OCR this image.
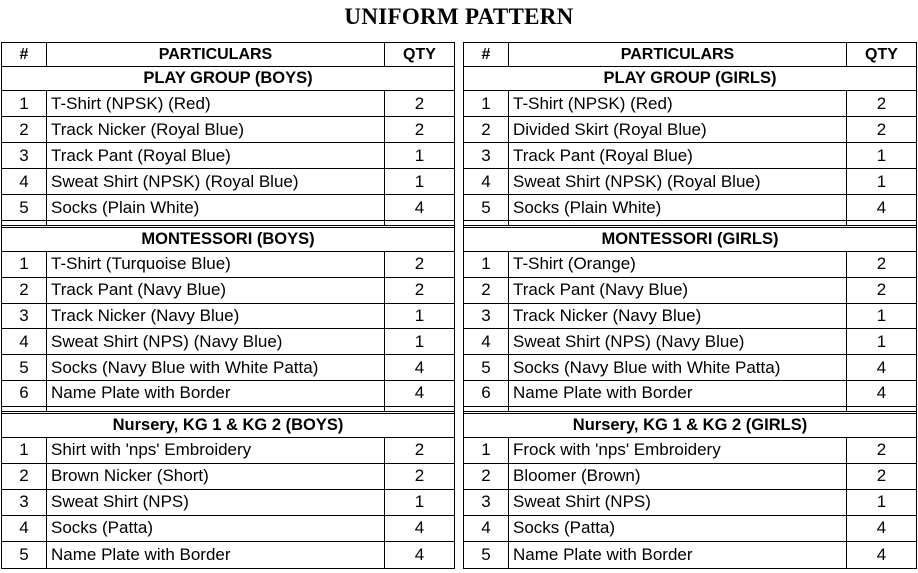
UNIFORM PATTERN
#	PARTICULARS	QTY
PLAY GROUP (BOYS)
1	T-Shirt (NPSK) (Red)	2
2	Track Nicker (Royal Blue)	2
3	Track Pant (Royal Blue)	1
4	Sweat Shirt (NPSK) (Royal Blue)	1
5	Socks (Plain White)	4
MONTESSORI (BOYS)
1	T-Shirt (Turquoise Blue)	2
2	Track Pant (Navy Blue)	2
3	Track Nicker (Navy Blue)	1
4	Sweat Shirt (NPS) (Navy Blue)	1
5	Socks (Navy Blue with White Patta)	4
6	Name Plate with Border	4
Nursery, KG 1 & KG 2 (BOYS)
1	Shirt with 'nps' Embroidery	2
2	Brown Nicker (Short)	2
3	Sweat Shirt (NPS)	1
4	Socks (Patta)	4
5	Name Plate with Border	4
#	PARTICULARS	QTY
PLAY GROUP (GIRLS)
1	T-Shirt (NPSK) (Red)	2
2	Divided Skirt (Royal Blue)	2
3	Track Pant (Royal Blue)	1
4	Sweat Shirt (NPSK) (Royal Blue)	1
5	Socks (Plain White)	4
MONTESSORI (GIRLS)
1	T-Shirt (Orange)	2
2	Track Pant (Navy Blue)	2
3	Track Nicker (Navy Blue)	1
4	Sweat Shirt (NPS) (Navy Blue)	1
5	Socks (Navy Blue with White Patta)	4
6	Name Plate with Border	4
Nursery, KG 1 & KG 2 (GIRLS)
1	Frock with 'nps' Embroidery	2
2	Bloomer (Brown)	2
3	Sweat Shirt (NPS)	1
4	Socks (Patta)	4
5	Name Plate with Border	4
